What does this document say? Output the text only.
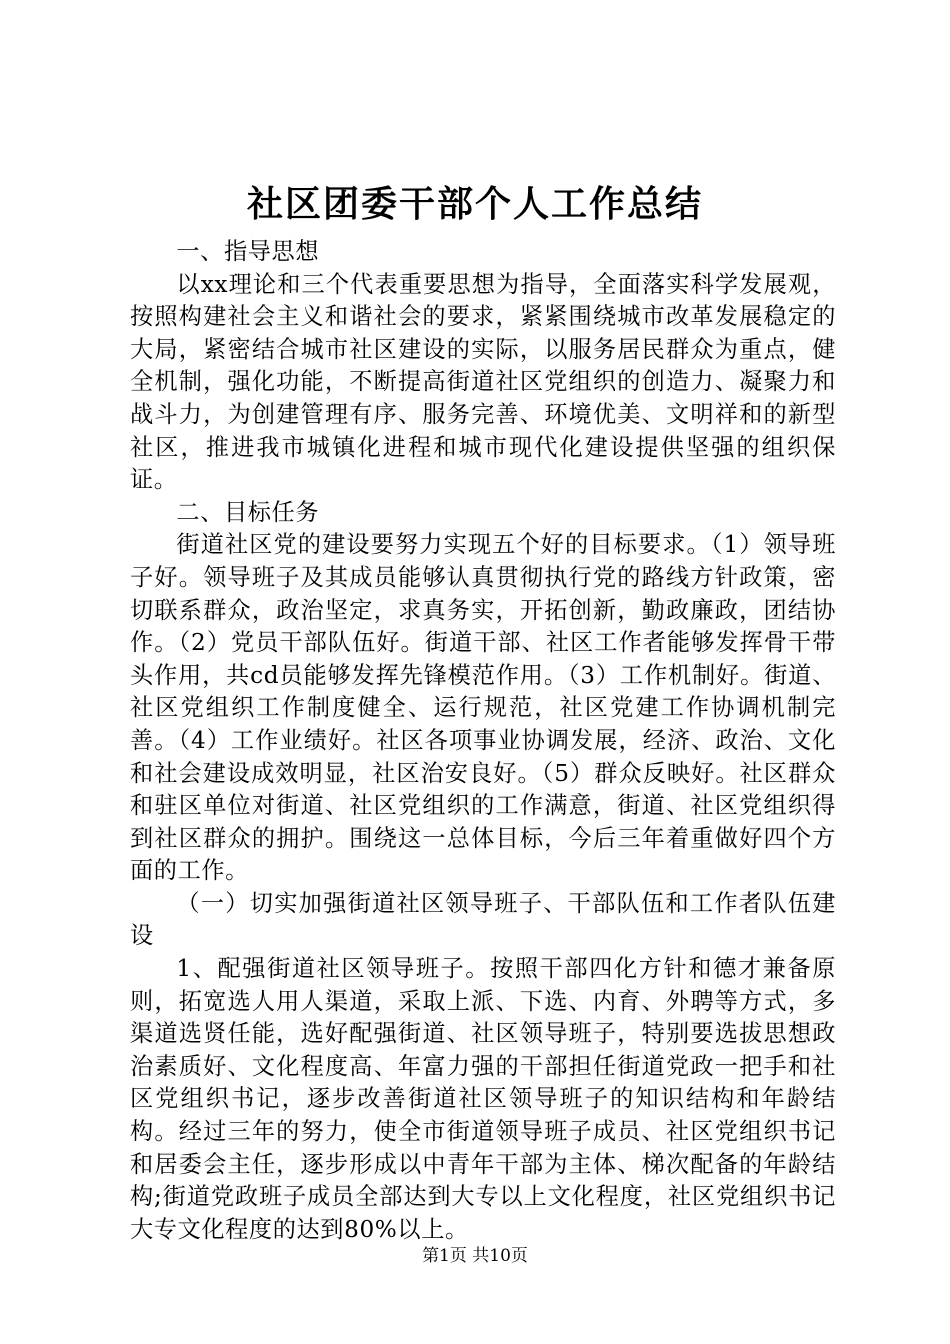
社区团委干部个人工作总结

一、指导思想

以xx理论和三个代表重要思想为指导，全面落实科学发展观，按照构建社会主义和谐社会的要求，紧紧围绕城市改革发展稳定的大局，紧密结合城市社区建设的实际，以服务居民群众为重点，健全机制，强化功能，不断提高街道社区党组织的创造力、凝聚力和战斗力，为创建管理有序、服务完善、环境优美、文明祥和的新型社区，推进我市城镇化进程和城市现代化建设提供坚强的组织保证。

二、目标任务

街道社区党的建设要努力实现五个好的目标要求。（1）领导班子好。领导班子及其成员能够认真贯彻执行党的路线方针政策，密切联系群众，政治坚定，求真务实，开拓创新，勤政廉政，团结协作。（2）党员干部队伍好。街道干部、社区工作者能够发挥骨干带头作用，共cd员能够发挥先锋模范作用。（3）工作机制好。街道、社区党组织工作制度健全、运行规范，社区党建工作协调机制完善。（4）工作业绩好。社区各项事业协调发展，经济、政治、文化和社会建设成效明显，社区治安良好。（5）群众反映好。社区群众和驻区单位对街道、社区党组织的工作满意，街道、社区党组织得到社区群众的拥护。围绕这一总体目标，今后三年着重做好四个方面的工作。

（一）切实加强街道社区领导班子、干部队伍和工作者队伍建设

1、配强街道社区领导班子。按照干部四化方针和德才兼备原则，拓宽选人用人渠道，采取上派、下选、内育、外聘等方式，多渠道选贤任能，选好配强街道、社区领导班子，特别要选拔思想政治素质好、文化程度高、年富力强的干部担任街道党政一把手和社区党组织书记，逐步改善街道社区领导班子的知识结构和年龄结构。经过三年的努力，使全市街道领导班子成员、社区党组织书记和居委会主任，逐步形成以中青年干部为主体、梯次配备的年龄结构;街道党政班子成员全部达到大专以上文化程度，社区党组织书记大专文化程度的达到80%以上。

第1页 共10页
